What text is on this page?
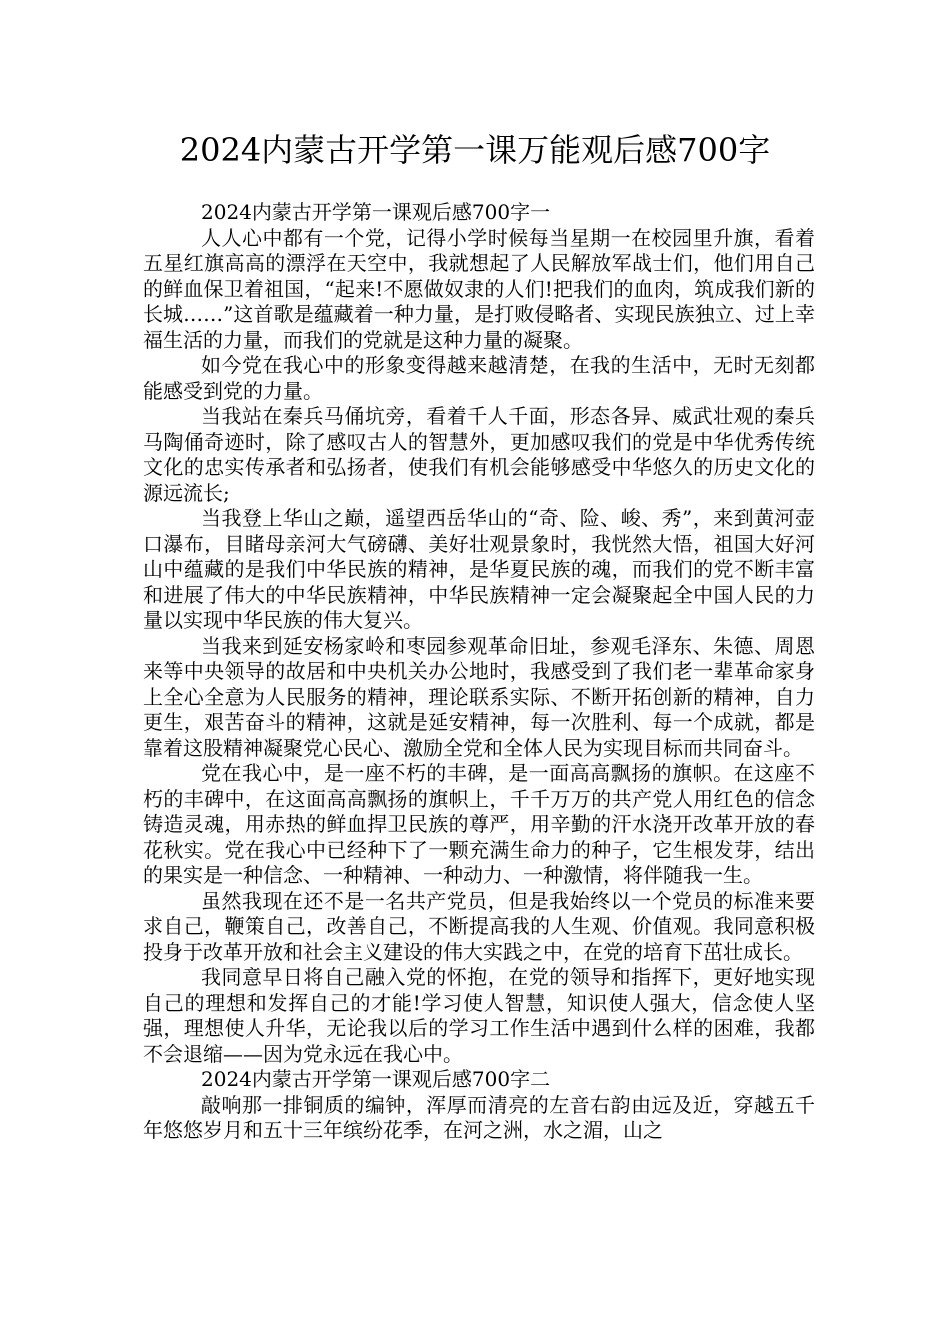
2024内蒙古开学第一课万能观后感700字

2024内蒙古开学第一课观后感700字一

人人心中都有一个党，记得小学时候每当星期一在校园里升旗，看着五星红旗高高的漂浮在天空中，我就想起了人民解放军战士们，他们用自己的鲜血保卫着祖国，“起来!不愿做奴隶的人们!把我们的血肉，筑成我们新的长城……”这首歌是蕴藏着一种力量，是打败侵略者、实现民族独立、过上幸福生活的力量，而我们的党就是这种力量的凝聚。

如今党在我心中的形象变得越来越清楚，在我的生活中，无时无刻都能感受到党的力量。

当我站在秦兵马俑坑旁，看着千人千面，形态各异、威武壮观的秦兵马陶俑奇迹时，除了感叹古人的智慧外，更加感叹我们的党是中华优秀传统文化的忠实传承者和弘扬者，使我们有机会能够感受中华悠久的历史文化的源远流长;

当我登上华山之巅，遥望西岳华山的“奇、险、峻、秀”，来到黄河壶口瀑布，目睹母亲河大气磅礴、美好壮观景象时，我恍然大悟，祖国大好河山中蕴藏的是我们中华民族的精神，是华夏民族的魂，而我们的党不断丰富和进展了伟大的中华民族精神，中华民族精神一定会凝聚起全中国人民的力量以实现中华民族的伟大复兴。

当我来到延安杨家岭和枣园参观革命旧址，参观毛泽东、朱德、周恩来等中央领导的故居和中央机关办公地时，我感受到了我们老一辈革命家身上全心全意为人民服务的精神，理论联系实际、不断开拓创新的精神，自力更生，艰苦奋斗的精神，这就是延安精神，每一次胜利、每一个成就，都是靠着这股精神凝聚党心民心、激励全党和全体人民为实现目标而共同奋斗。

党在我心中，是一座不朽的丰碑，是一面高高飘扬的旗帜。在这座不朽的丰碑中，在这面高高飘扬的旗帜上，千千万万的共产党人用红色的信念铸造灵魂，用赤热的鲜血捍卫民族的尊严，用辛勤的汗水浇开改革开放的春花秋实。党在我心中已经种下了一颗充满生命力的种子，它生根发芽，结出的果实是一种信念、一种精神、一种动力、一种激情，将伴随我一生。

虽然我现在还不是一名共产党员，但是我始终以一个党员的标准来要求自己，鞭策自己，改善自己，不断提高我的人生观、价值观。我同意积极投身于改革开放和社会主义建设的伟大实践之中，在党的培育下茁壮成长。

我同意早日将自己融入党的怀抱，在党的领导和指挥下，更好地实现自己的理想和发挥自己的才能!学习使人智慧，知识使人强大，信念使人坚强，理想使人升华，无论我以后的学习工作生活中遇到什么样的困难，我都不会退缩——因为党永远在我心中。

2024内蒙古开学第一课观后感700字二

敲响那一排铜质的编钟，浑厚而清亮的左音右韵由远及近，穿越五千年悠悠岁月和五十三年缤纷花季，在河之洲，水之湄，山之
